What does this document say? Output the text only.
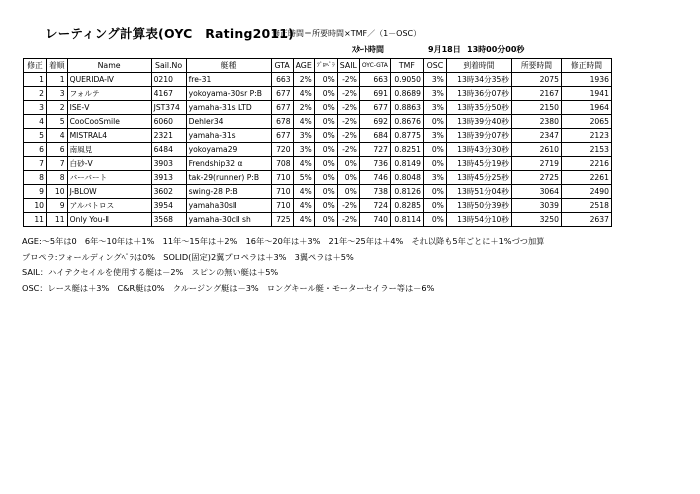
レーティング計算表(OYC　Rating2011)
修正時間＝所要時間×TMF／（1－OSC）
ｽﾀｰﾄ時間	9月18日 13時00分00秒
修正	着順	Name	Sail.No	艇種	GTA	AGE	ﾌﾟﾛﾍﾟﾗ	SAIL	OYC-GTA	TMF	OSC	到着時間	所要時間	修正時間
1	1	QUERIDA-Ⅳ	0210	fre-31	663	2%	0%	-2%	663	0.9050	3%	13時34分35秒	2075	1936
2	3	フォルテ	4167	yokoyama-30sr P:B	677	4%	0%	-2%	691	0.8689	3%	13時36分07秒	2167	1941
3	2	ISE-Ⅴ	JST374	yamaha-31s LTD	677	2%	0%	-2%	677	0.8863	3%	13時35分50秒	2150	1964
4	5	CooCooSmile	6060	Dehler34	678	4%	0%	-2%	692	0.8676	0%	13時39分40秒	2380	2065
5	4	MISTRAL4	2321	yamaha-31s	677	3%	0%	-2%	684	0.8775	3%	13時39分07秒	2347	2123
6	6	南風見	6484	yokoyama29	720	3%	0%	-2%	727	0.8251	0%	13時43分30秒	2610	2153
7	7	白砂-Ⅴ	3903	Frendship32 α	708	4%	0%	0%	736	0.8149	0%	13時45分19秒	2719	2216
8	8	バーバート	3913	tak-29(runner) P:B	710	5%	0%	0%	746	0.8048	3%	13時45分25秒	2725	2261
9	10	J-BLOW	3602	swing-28 P:B	710	4%	0%	0%	738	0.8126	0%	13時51分04秒	3064	2490
10	9	アルバトロス	3954	yamaha30sⅡ	710	4%	0%	-2%	724	0.8285	0%	13時50分39秒	3039	2518
11	11	Only You-Ⅱ	3568	yamaha-30cⅡ sh	725	4%	0%	-2%	740	0.8114	0%	13時54分10秒	3250	2637
AGE:～5年は0　6年～10年は＋1%　11年～15年は＋2%　16年～20年は＋3%　21年～25年は＋4%　それ以降も5年ごとに＋1%づつ加算
プロペラ:フォールディングﾍﾟﾗは0%　SOLID(固定)2翼プロペラは＋3%　3翼ペラは＋5%
SAIL：ハイテクセイルを使用する艇は－2%　スピンの無い艇は＋5%
OSC：レース艇は＋3%　C&R艇は0%　クルージング艇は－3%　ロングキール艇・モーターセイラー等は－6%
